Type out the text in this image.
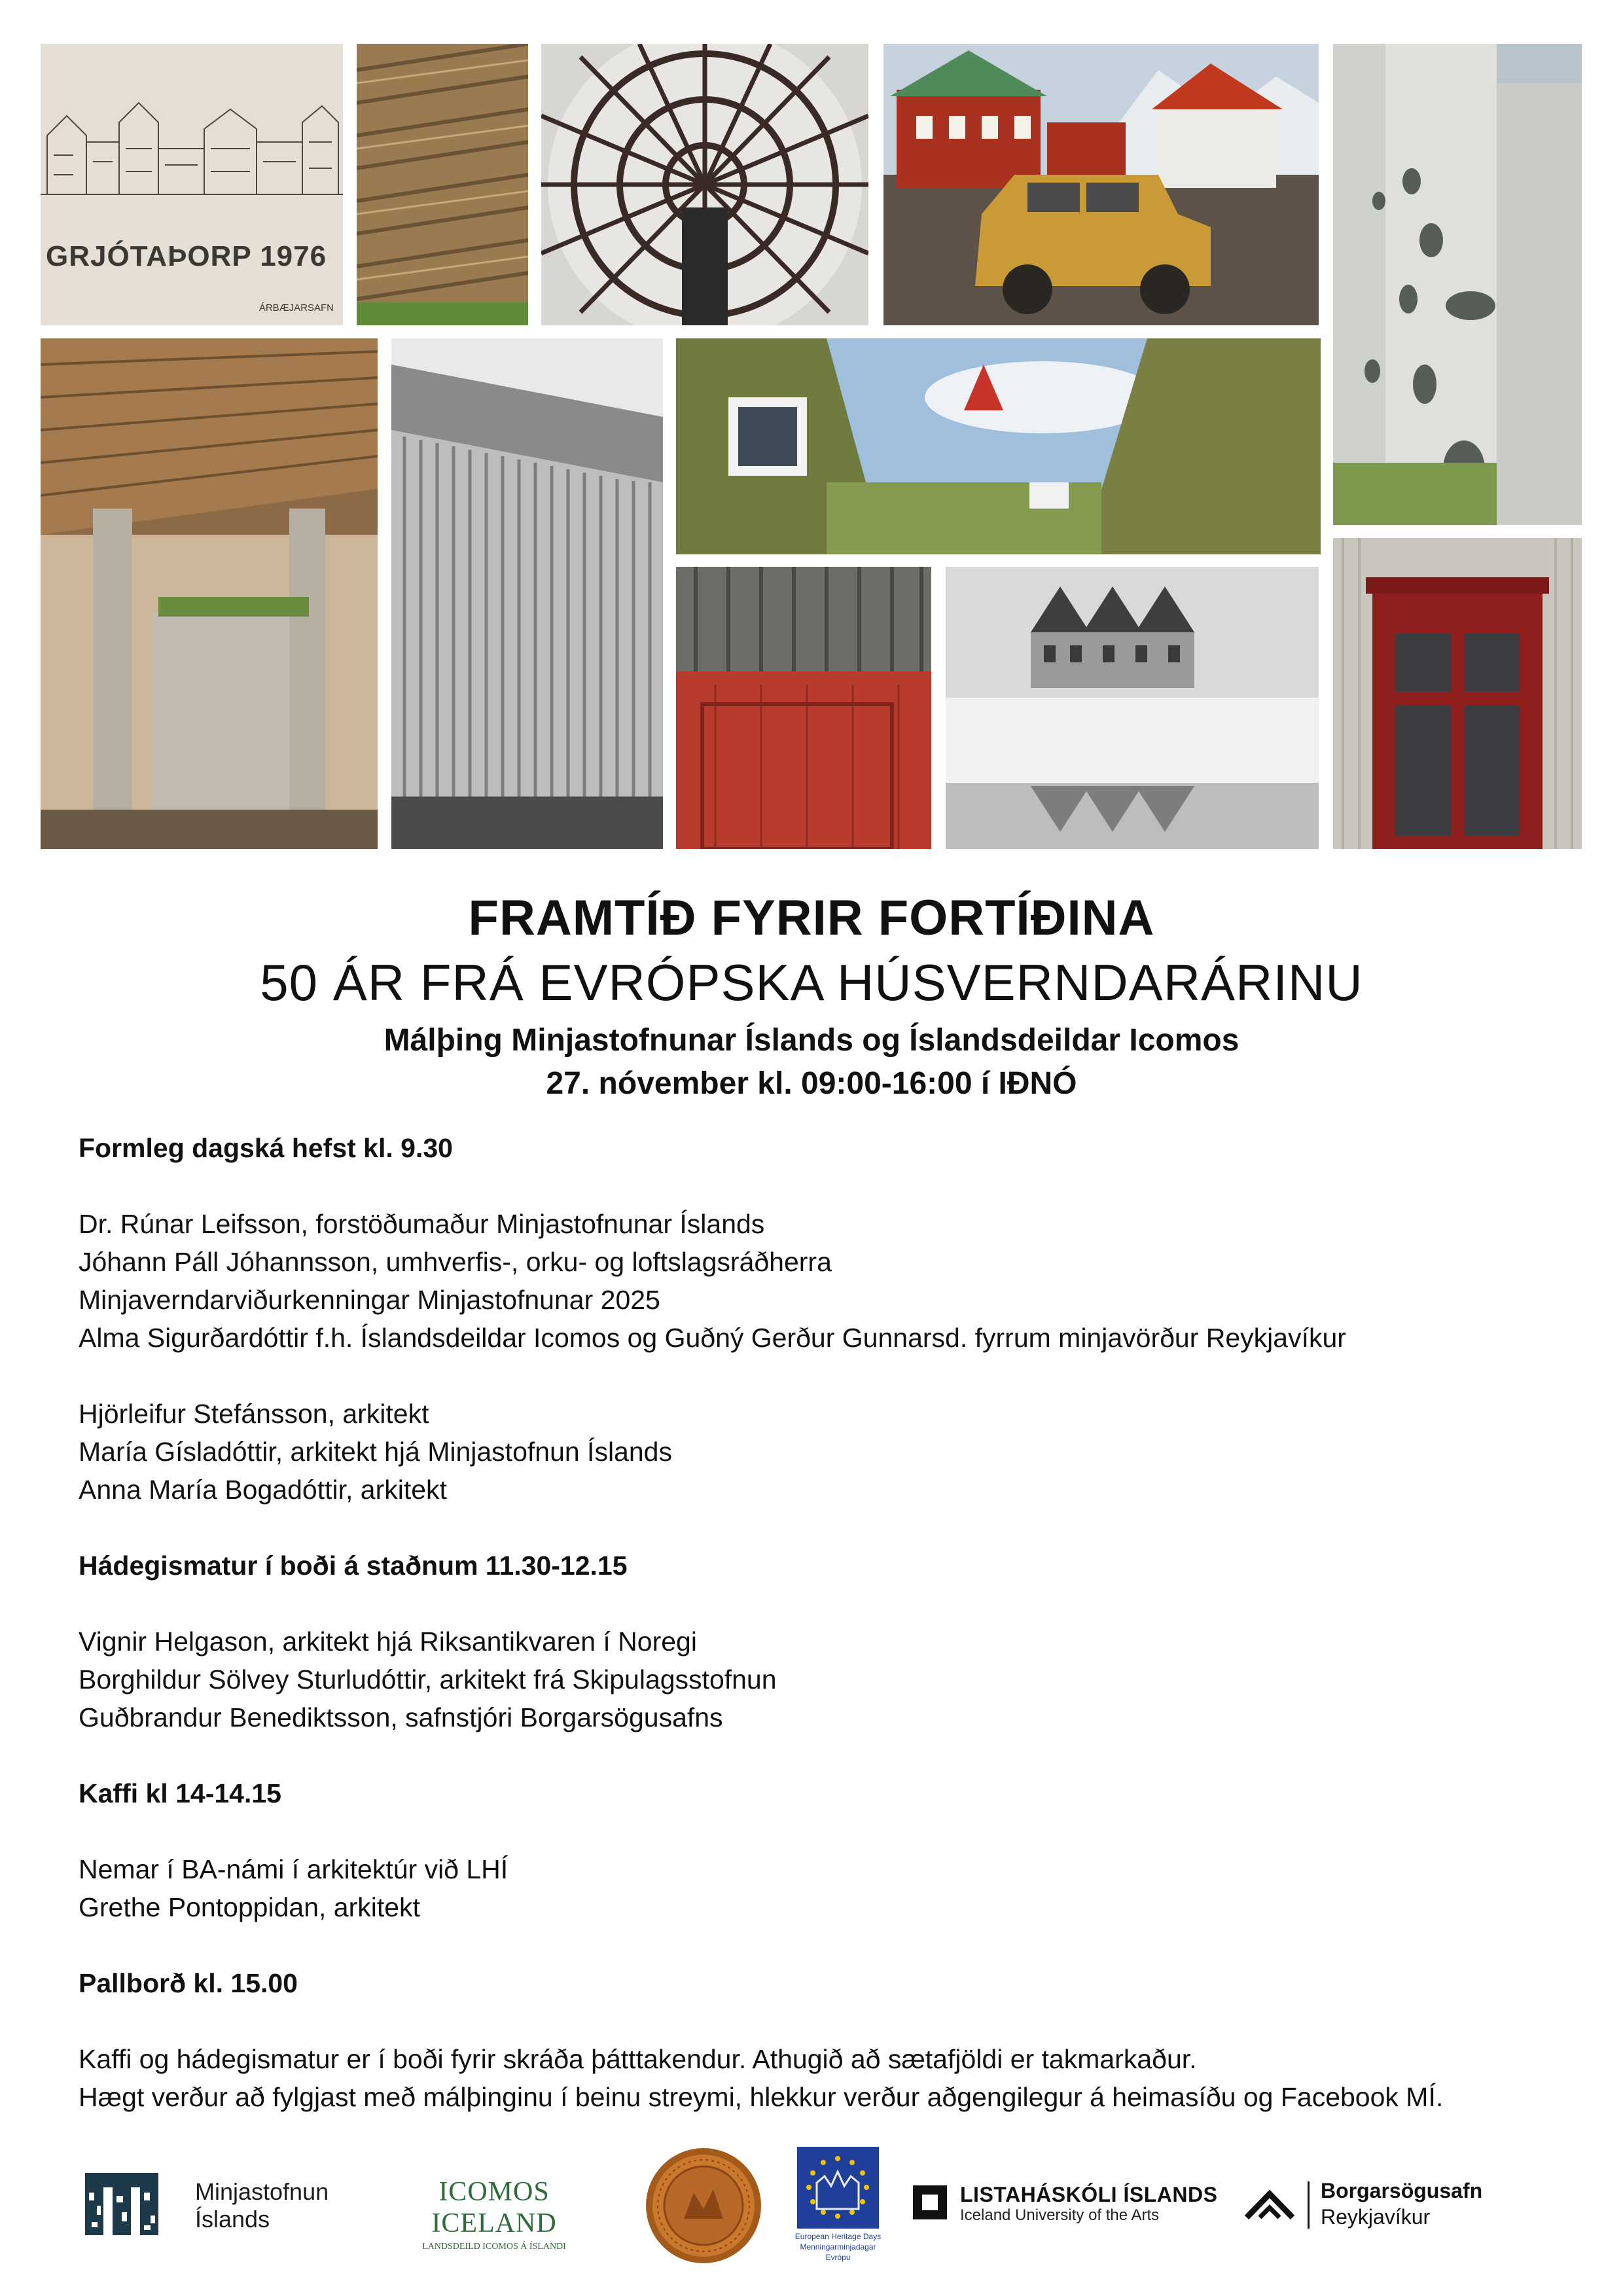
GRJÓTAÞORP 1976
ÁRBÆJARSAFN
FRAMTÍÐ FYRIR FORTÍÐINA
50 ÁR FRÁ EVRÓPSKA HÚSVERNDARÁRINU
Málþing Minjastofnunar Íslands og Íslandsdeildar Icomos
27. nóvember kl. 09:00-16:00 í IÐNÓ
Formleg dagská hefst kl. 9.30
Dr. Rúnar Leifsson, forstöðumaður Minjastofnunar Íslands
Jóhann Páll Jóhannsson, umhverfis-, orku- og loftslagsráðherra
Minjaverndarviðurkenningar Minjastofnunar 2025
Alma Sigurðardóttir f.h. Íslandsdeildar Icomos og Guðný Gerður Gunnarsd. fyrrum minjavörður Reykjavíkur
Hjörleifur Stefánsson, arkitekt
María Gísladóttir, arkitekt hjá Minjastofnun Íslands
Anna María Bogadóttir, arkitekt
Hádegismatur í boði á staðnum 11.30-12.15
Vignir Helgason, arkitekt hjá Riksantikvaren í Noregi
Borghildur Sölvey Sturludóttir, arkitekt frá Skipulagsstofnun
Guðbrandur Benediktsson, safnstjóri Borgarsögusafns
Kaffi kl 14-14.15
Nemar í BA-námi í arkitektúr við LHÍ
Grethe Pontoppidan, arkitekt
Pallborð kl. 15.00
Kaffi og hádegismatur er í boði fyrir skráða þátttakendur. Athugið að sætafjöldi er takmarkaður.
Hægt verður að fylgjast með málþinginu í beinu streymi, hlekkur verður aðgengilegur á heimasíðu og Facebook MÍ.
Minjastofnun
Íslands
ICOMOS ICELAND
LANDSDEILD ICOMOS Á ÍSLANDI
European Heritage Days
Menningarminjadagar
Evrópu
LISTAHÁSKÓLI ÍSLANDS
Iceland University of the Arts
Borgarsögusafn
Reykjavíkur
